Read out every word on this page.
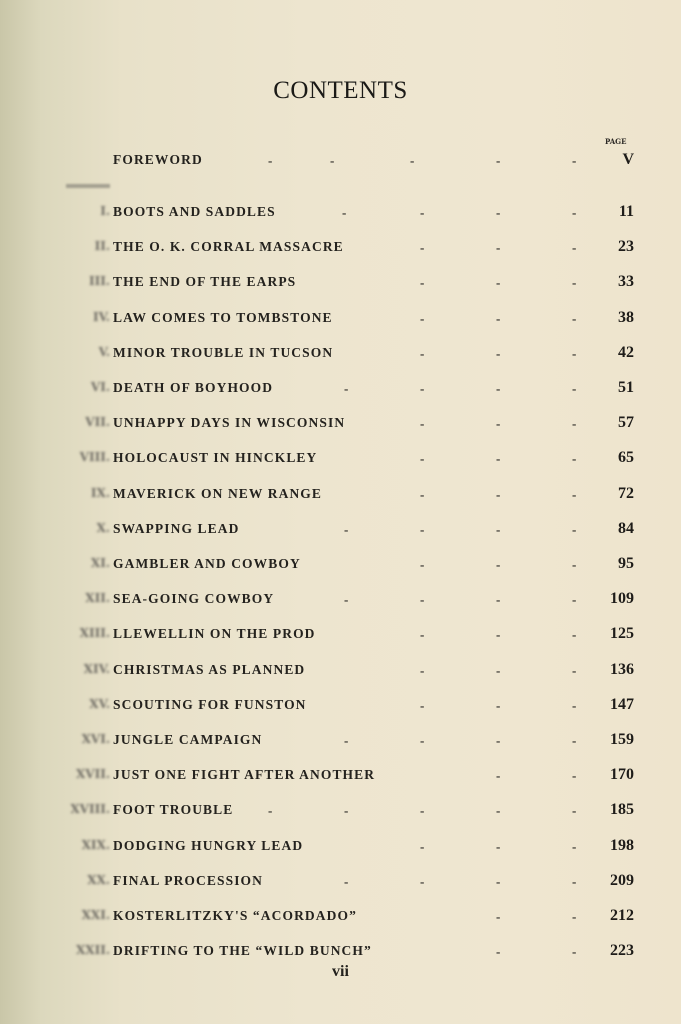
CONTENTS
PAGE
FOREWORD	-	-	-	-	-	V
I. BOOTS AND SADDLES	-	-	-	-	11
II. THE O. K. CORRAL MASSACRE	-	-	-	23
III. THE END OF THE EARPS	-	-	-	33
IV. LAW COMES TO TOMBSTONE	-	-	-	38
V. MINOR TROUBLE IN TUCSON	-	-	-	42
VI. DEATH OF BOYHOOD	-	-	-	-	51
VII. UNHAPPY DAYS IN WISCONSIN	-	-	-	57
VIII. HOLOCAUST IN HINCKLEY	-	-	-	65
IX. MAVERICK ON NEW RANGE	-	-	-	72
X. SWAPPING LEAD	-	-	-	-	84
XI. GAMBLER AND COWBOY	-	-	-	95
XII. SEA-GOING COWBOY	-	-	-	- 109
XIII. LLEWELLIN ON THE PROD	-	-	- 125
XIV. CHRISTMAS AS PLANNED	-	-	- 136
XV. SCOUTING FOR FUNSTON	-	-	- 147
XVI. JUNGLE CAMPAIGN	-	-	-	- 159
XVII. JUST ONE FIGHT AFTER ANOTHER	-	- 170
XVIII. FOOT TROUBLE	-	-	-	-	- 185
XIX. DODGING HUNGRY LEAD	-	-	- 198
XX. FINAL PROCESSION	-	-	-	- 209
XXI. KOSTERLITZKY'S “ACORDADO”	-	- 212
XXII. DRIFTING TO THE “WILD BUNCH”	-	- 223
vii
